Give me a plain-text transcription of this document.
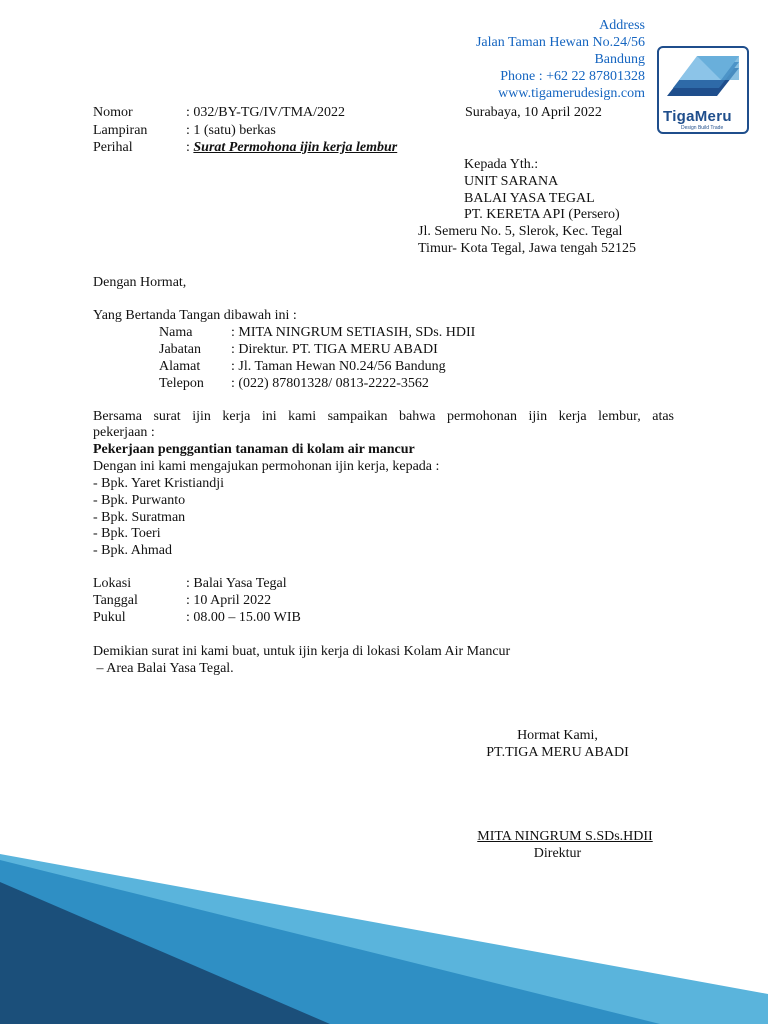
Address
Jalan Taman Hewan No.24/56
Bandung
Phone : +62 22 87801328
www.tigamerudesign.com
TigaMeru
Design Build Trade
Nomor	: 032/BY-TG/IV/TMA/2022	Surabaya, 10 April 2022
Lampiran	: 1 (satu) berkas
Perihal	: Surat Permohona ijin kerja lembur
Kepada Yth.:
UNIT SARANA
BALAI YASA TEGAL
PT. KERETA API (Persero)
Jl. Semeru No. 5, Slerok, Kec. Tegal
Timur- Kota Tegal, Jawa tengah 52125
Dengan Hormat,
Yang Bertanda Tangan dibawah ini :
Nama	: MITA NINGRUM SETIASIH, SDs. HDII
Jabatan : Direktur. PT. TIGA MERU ABADI
Alamat : Jl. Taman Hewan N0.24/56 Bandung
Telepon : (022) 87801328/ 0813-2222-3562
Bersama surat ijin kerja ini kami sampaikan bahwa permohonan ijin kerja lembur, atas
pekerjaan :
Pekerjaan penggantian tanaman di kolam air mancur
Dengan ini kami mengajukan permohonan ijin kerja, kepada :
- Bpk. Yaret Kristiandji
- Bpk. Purwanto
- Bpk. Suratman
- Bpk. Toeri
- Bpk. Ahmad
Lokasi	: Balai Yasa Tegal
Tanggal	: 10 April 2022
Pukul	: 08.00 – 15.00 WIB
Demikian surat ini kami buat, untuk ijin kerja di lokasi Kolam Air Mancur
– Area Balai Yasa Tegal.
Hormat Kami,
PT.TIGA MERU ABADI
MITA NINGRUM S.SDs.HDII
Direktur
